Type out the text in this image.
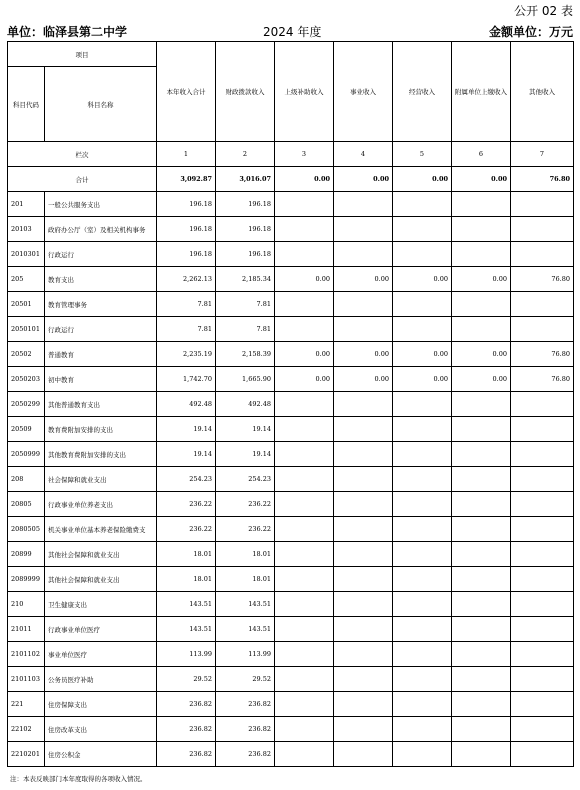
公开 02 表
单位：临泽县第二中学	2024 年度	金额单位：万元
项目		本年收入合计	财政拨款收入	上级补助收入	事业收入	经营收入	附属单位上缴收入	其他收入
科目代码	科目名称							
栏次		1	2	3	4	5	6	7
合计		3,092.87	3,016.07	0.00	0.00	0.00	0.00	76.80
201	一般公共服务支出	196.18	196.18					
20103	政府办公厅（室）及相关机构事务	196.18	196.18					
2010301	行政运行	196.18	196.18					
205	教育支出	2,262.13	2,185.34	0.00	0.00	0.00	0.00	76.80
20501	教育管理事务	7.81	7.81					
2050101	行政运行	7.81	7.81					
20502	普通教育	2,235.19	2,158.39	0.00	0.00	0.00	0.00	76.80
2050203	初中教育	1,742.70	1,665.90	0.00	0.00	0.00	0.00	76.80
2050299	其他普通教育支出	492.48	492.48					
20509	教育费附加安排的支出	19.14	19.14					
2050999	其他教育费附加安排的支出	19.14	19.14					
208	社会保障和就业支出	254.23	254.23					
20805	行政事业单位养老支出	236.22	236.22					
2080505	机关事业单位基本养老保险缴费支	236.22	236.22					
20899	其他社会保障和就业支出	18.01	18.01					
2089999	其他社会保障和就业支出	18.01	18.01					
210	卫生健康支出	143.51	143.51					
21011	行政事业单位医疗	143.51	143.51					
2101102	事业单位医疗	113.99	113.99					
2101103	公务员医疗补助	29.52	29.52					
221	住房保障支出	236.82	236.82					
22102	住房改革支出	236.82	236.82					
2210201	住房公积金	236.82	236.82					
注：本表反映部门本年度取得的各项收入情况。
